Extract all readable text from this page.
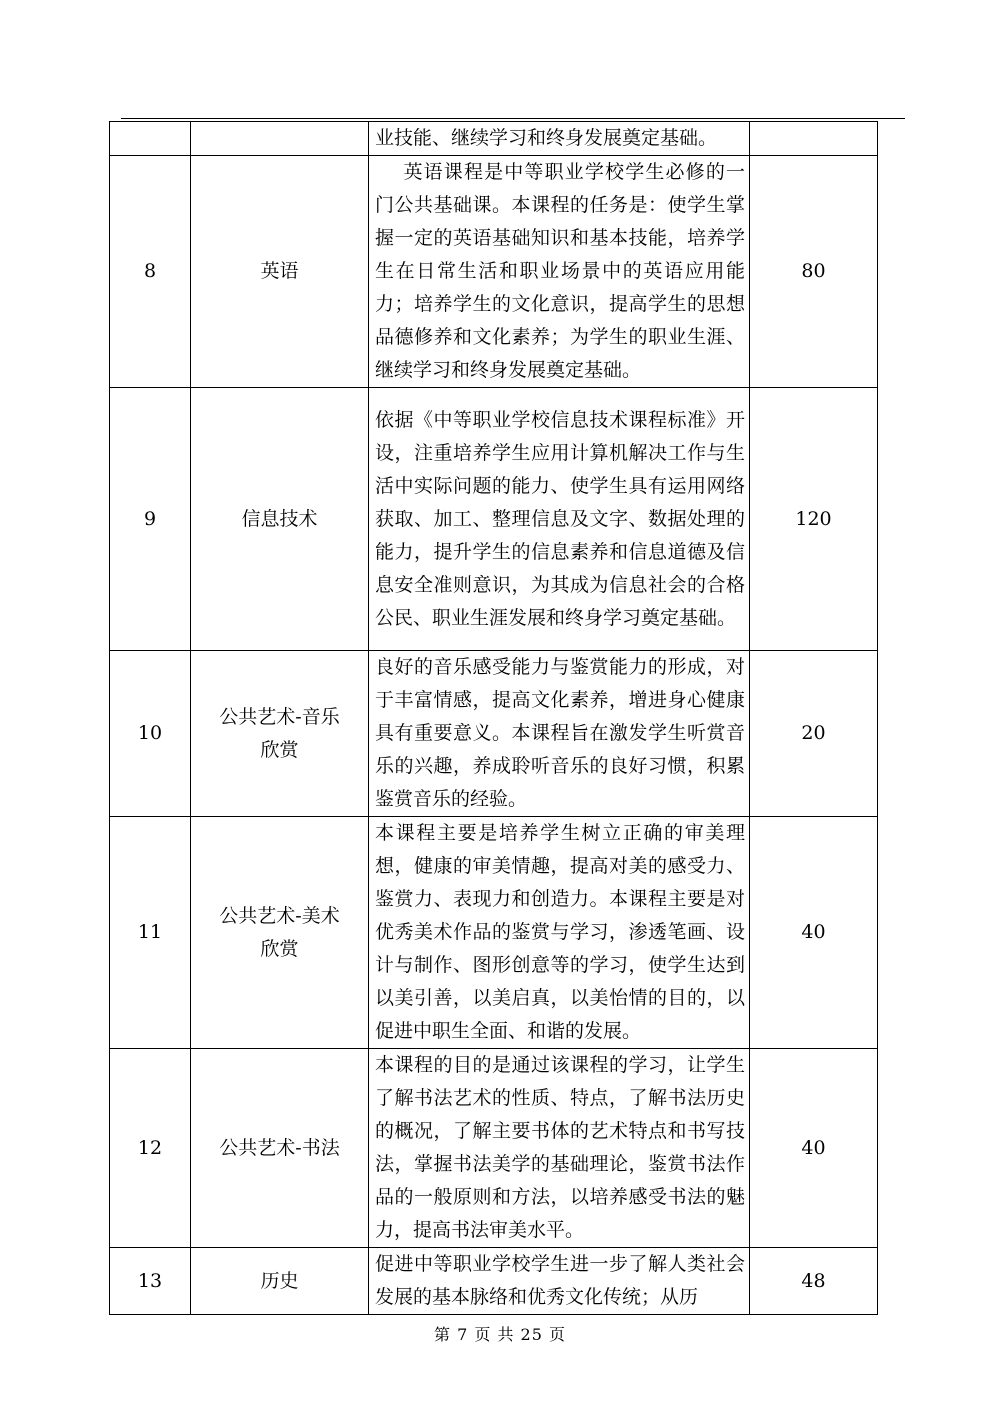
		业技能、继续学习和终身发展奠定基础。	

8	英语	英语课程是中等职业学校学生必修的一门公共基础课。本课程的任务是：使学生掌握一定的英语基础知识和基本技能，培养学生在日常生活和职业场景中的英语应用能力；培养学生的文化意识，提高学生的思想品德修养和文化素养；为学生的职业生涯、继续学习和终身发展奠定基础。	80
9	信息技术	依据《中等职业学校信息技术课程标准》开设，注重培养学生应用计算机解决工作与生活中实际问题的能力、使学生具有运用网络获取、加工、整理信息及文字、数据处理的能力，提升学生的信息素养和信息道德及信息安全准则意识，为其成为信息社会的合格公民、职业生涯发展和终身学习奠定基础。	120
10	公共艺术-音乐欣赏	良好的音乐感受能力与鉴赏能力的形成，对于丰富情感，提高文化素养，增进身心健康具有重要意义。本课程旨在激发学生听赏音乐的兴趣，养成聆听音乐的良好习惯，积累鉴赏音乐的经验。	20
11	公共艺术-美术欣赏	本课程主要是培养学生树立正确的审美理想，健康的审美情趣，提高对美的感受力、鉴赏力、表现力和创造力。本课程主要是对优秀美术作品的鉴赏与学习，渗透笔画、设计与制作、图形创意等的学习，使学生达到以美引善，以美启真，以美怡情的目的，以促进中职生全面、和谐的发展。	40
12	公共艺术-书法	本课程的目的是通过该课程的学习，让学生了解书法艺术的性质、特点，了解书法历史的概况，了解主要书体的艺术特点和书写技法，掌握书法美学的基础理论，鉴赏书法作品的一般原则和方法，以培养感受书法的魅力，提高书法审美水平。	40
13	历史	促进中等职业学校学生进一步了解人类社会发展的基本脉络和优秀文化传统；从历	48
第 7 页 共 25 页
